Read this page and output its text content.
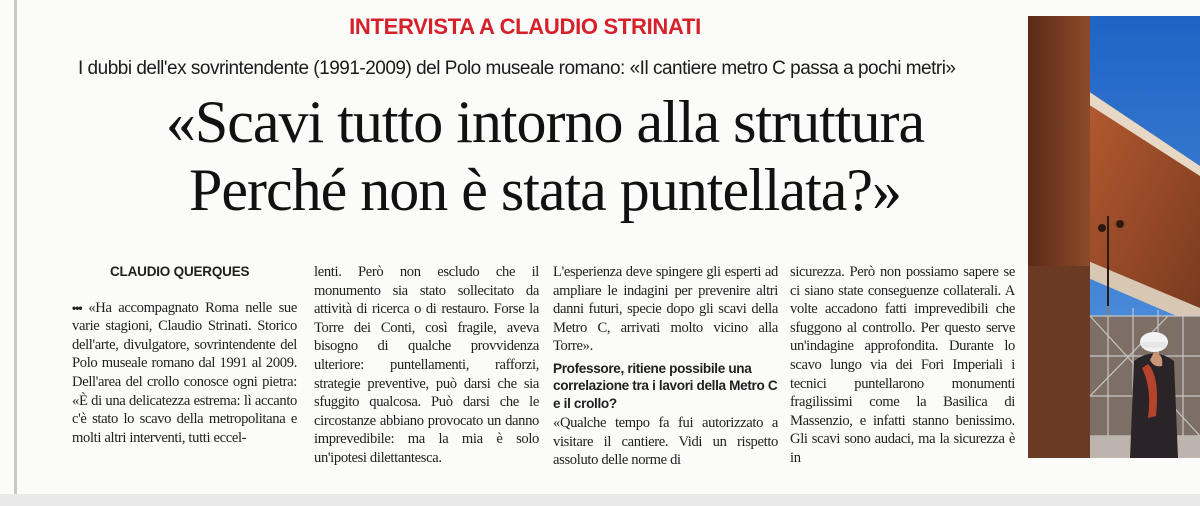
INTERVISTA A CLAUDIO STRINATI
I dubbi dell'ex sovrintendente (1991-2009) del Polo museale romano: «Il cantiere metro C passa a pochi metri»
«Scavi tutto intorno alla struttura
Perché non è stata puntellata?»

CLAUDIO QUERQUES

••• «Ha accompagnato Roma nelle sue varie stagioni, Claudio Strinati. Storico dell'arte, divulgatore, sovrintendente del Polo museale romano dal 1991 al 2009. Dell'area del crollo conosce ogni pietra: «È di una delicatezza estrema: lì accanto c'è stato lo scavo della metropolitana e molti altri interventi, tutti eccel-

lenti. Però non escludo che il monumento sia stato sollecitato da attività di ricerca o di restauro. Forse la Torre dei Conti, così fragile, aveva bisogno di qualche provvidenza ulteriore: puntellamenti, rafforzi, strategie preventive, può darsi che sia sfuggito qualcosa. Può darsi che le circostanze abbiano provocato un danno imprevedibile: ma la mia è solo un'ipotesi dilettantesca.

L'esperienza deve spingere gli esperti ad ampliare le indagini per prevenire altri danni futuri, specie dopo gli scavi della Metro C, arrivati molto vicino alla Torre».

Professore, ritiene possibile una correlazione tra i lavori della Metro C e il crollo?

«Qualche tempo fa fui autorizzato a visitare il cantiere. Vidi un rispetto assoluto delle norme di

sicurezza. Però non possiamo sapere se ci siano state conseguenze collaterali. A volte accadono fatti imprevedibili che sfuggono al controllo. Per questo serve un'indagine approfondita. Durante lo scavo lungo via dei Fori Imperiali i tecnici puntellarono monumenti fragilissimi come la Basilica di Massenzio, e infatti stanno benissimo. Gli scavi sono audaci, ma la sicurezza è in
